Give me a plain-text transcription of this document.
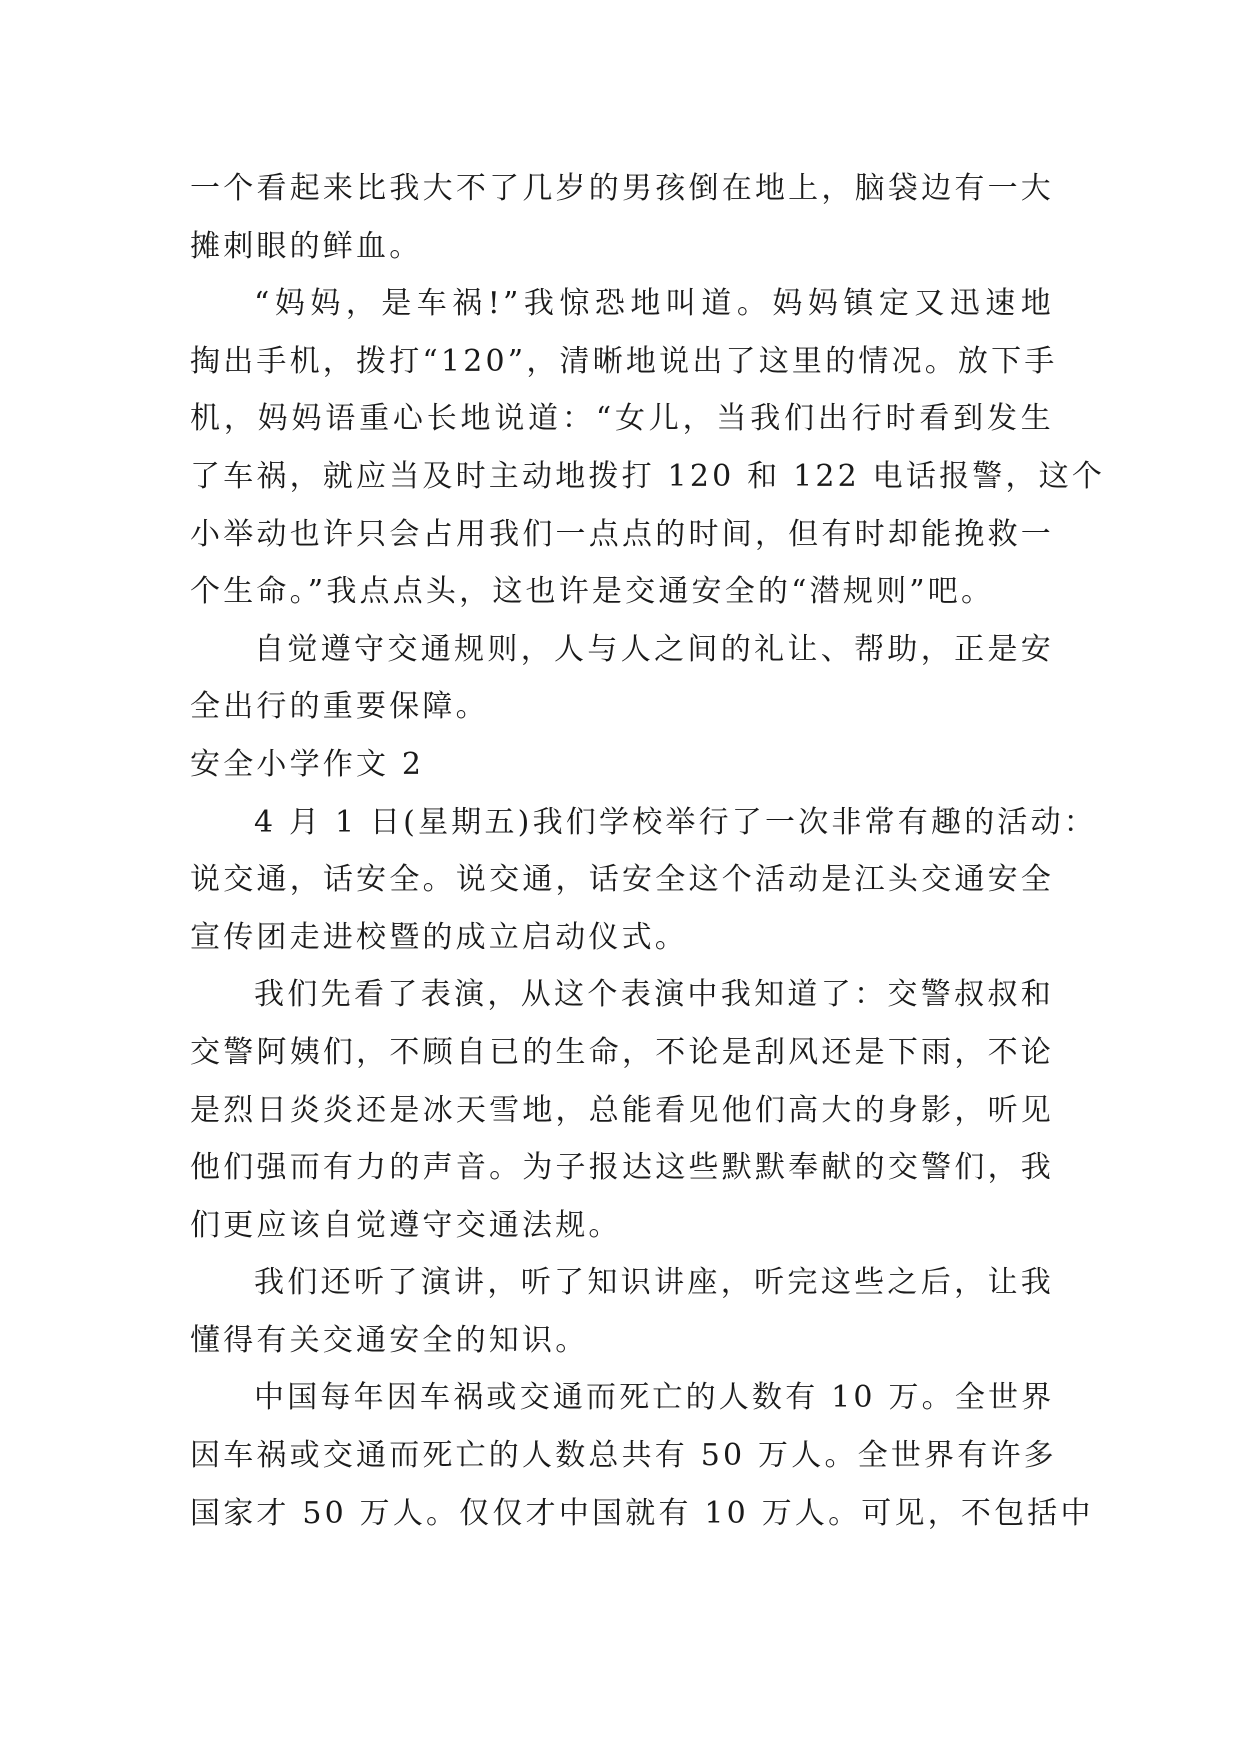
一个看起来比我大不了几岁的男孩倒在地上，脑袋边有一大
摊刺眼的鲜血。
“妈妈，是车祸!”我惊恐地叫道。妈妈镇定又迅速地
掏出手机，拨打“120”，清晰地说出了这里的情况。放下手
机，妈妈语重心长地说道：“女儿，当我们出行时看到发生
了车祸，就应当及时主动地拨打 120 和 122 电话报警，这个
小举动也许只会占用我们一点点的时间，但有时却能挽救一
个生命。”我点点头，这也许是交通安全的“潜规则”吧。
自觉遵守交通规则，人与人之间的礼让、帮助，正是安
全出行的重要保障。
安全小学作文 2
4 月 1 日(星期五)我们学校举行了一次非常有趣的活动：
说交通，话安全。说交通，话安全这个活动是江头交通安全
宣传团走进校暨的成立启动仪式。
我们先看了表演，从这个表演中我知道了：交警叔叔和
交警阿姨们，不顾自已的生命，不论是刮风还是下雨，不论
是烈日炎炎还是冰天雪地，总能看见他们高大的身影，听见
他们强而有力的声音。为子报达这些默默奉献的交警们，我
们更应该自觉遵守交通法规。
我们还听了演讲，听了知识讲座，听完这些之后，让我
懂得有关交通安全的知识。
中国每年因车祸或交通而死亡的人数有 10 万。全世界
因车祸或交通而死亡的人数总共有 50 万人。全世界有许多
国家才 50 万人。仅仅才中国就有 10 万人。可见，不包括中
